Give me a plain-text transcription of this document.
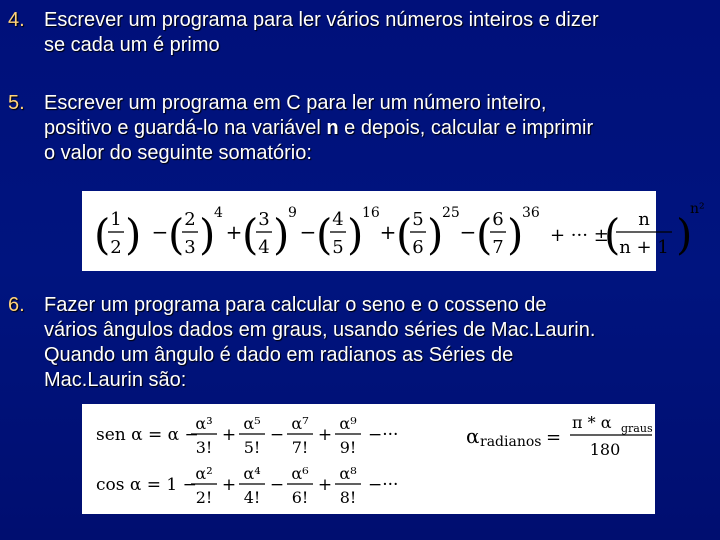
4. Escrever um programa para ler vários números inteiros e dizer
se cada um é primo
5. Escrever um programa em C para ler um número inteiro,
positivo e guardá-lo na variável n e depois, calcular e imprimir
o valor do seguinte somatório:
( 1
2 ) − ( 2
3 )
4
+ ( 3
4 )
9
− ( 4
5 )
16
+ ( 5
6 )
25
− ( 6
7 )
36
+ ··· ±
( n
n + 1 )
n²
6. Fazer um programa para calcular o seno e o cosseno de
vários ângulos dados em graus, usando séries de Mac.Laurin.
Quando um ângulo é dado em radianos as Séries de
Mac.Laurin são:
sen α = α −
α³
3!
+
α⁵
5!
−
α⁷
7!
+
α⁹
9!
−···
cos α = 1 −
α²
2!
+
α⁴
4!
−
α⁶
6!
+
α⁸
8!
−···
α radianos =
π * α graus
180
